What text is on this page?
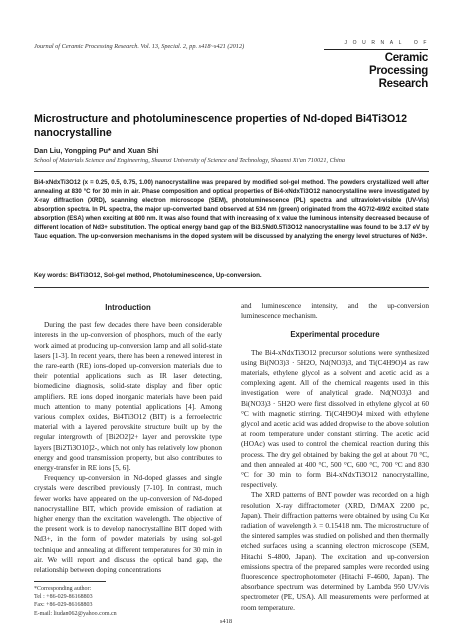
Journal of Ceramic Processing Research. Vol. 13, Special. 2, pp. s418~s421 (2012)	JOURNAL OF
Ceramic
Processing Research
Microstructure and photoluminescence properties of Nd-doped Bi4Ti3O12 nanocrystalline
Dan Liu, Yongping Pu* and Xuan Shi
School of Materials Science and Engineering, Shaanxi University of Science and Technology, Shaanxi Xi'an 710021, China
Bi4-xNdxTi3O12 (x = 0.25, 0.5, 0.75, 1.00) nanocrystalline was prepared by modified sol-gel method. The powders crystallized well after annealing at 830 °C for 30 min in air. Phase composition and optical properties of Bi4-xNdxTi3O12 nanocrystalline were investigated by X-ray diffraction (XRD), scanning electron microscope (SEM), photoluminescence (PL) spectra and ultraviolet-visible (UV-Vis) absorption spectra. In PL spectra, the major up-converted band observed at 534 nm (green) originated from the 4G7/2-4I9/2 excited state absorption (ESA) when exciting at 800 nm. It was also found that with increasing of x value the luminous intensity decreased because of different location of Nd3+ substitution. The optical energy band gap of the Bi3.5Nd0.5Ti3O12 nanocrystalline was found to be 3.17 eV by Tauc equation. The up-conversion mechanisms in the doped system will be discussed by analyzing the energy level structures of Nd3+.
Key words: Bi4Ti3O12, Sol-gel method, Photoluminescence, Up-conversion.
Introduction

During the past few decades there have been considerable interests in the up-conversion of phosphors, much of the early work aimed at producing up-conversion lamp and all solid-state lasers [1-3]. In recent years, there has been a renewed interest in the rare-earth (RE) ions-doped up-conversion materials due to their potential applications such as IR laser detecting, biomedicine diagnosis, solid-state display and fiber optic amplifiers. RE ions doped inorganic materials have been paid much attention to many potential applications [4]. Among various complex oxides, Bi4Ti3O12 (BIT) is a ferroelectric material with a layered perovskite structure built up by the regular intergrowth of [Bi2O2]2+ layer and perovskite type layers [Bi2Ti3O10]2-, which not only has relatively low phonon energy and good transmission property, but also contributes to energy-transfer in RE ions [5, 6].

Frequency up-conversion in Nd-doped glasses and single crystals were described previously [7-10]. In contrast, much fewer works have appeared on the up-conversion of Nd-doped nanocrystalline BIT, which provide emission of radiation at higher energy than the excitation wavelength. The objective of the present work is to develop nanocrystalline BIT doped with Nd3+, in the form of powder materials by using sol-gel technique and annealing at different temperatures for 30 min in air. We will report and discuss the optical band gap, the relationship between doping concentrations

and luminescence intensity, and the up-conversion luminescence mechanism.

Experimental procedure

The Bi4-xNdxTi3O12 precursor solutions were synthesized using Bi(NO3)3 · 5H2O, Nd(NO3)3, and Ti(C4H9O)4 as raw materials, ethylene glycol as a solvent and acetic acid as a complexing agent. All of the chemical reagents used in this investigation were of analytical grade. Nd(NO3)3 and Bi(NO3)3 · 5H2O were first dissolved in ethylene glycol at 60 °C with magnetic stirring. Ti(C4H9O)4 mixed with ethylene glycol and acetic acid was added dropwise to the above solution at room temperature under constant stirring. The acetic acid (HOAc) was used to control the chemical reaction during this process. The dry gel obtained by baking the gel at about 70 °C, and then annealed at 400 °C, 500 °C, 600 °C, 700 °C and 830 °C for 30 min to form Bi4-xNdxTi3O12 nanocrystalline, respectively.

The XRD patterns of BNT powder was recorded on a high resolution X-ray diffractometer (XRD, D/MAX 2200 pc, Japan). Their diffraction patterns were obtained by using Cu Kα radiation of wavelength λ = 0.15418 nm. The microstructure of the sintered samples was studied on polished and then thermally etched surfaces using a scanning electron microscope (SEM, Hitachi S-4800, Japan). The excitation and up-conversion emissions spectra of the prepared samples were recorded using fluorescence spectrophotometer (Hitachi F-4600, Japan). The absorbance spectrum was determined by Lambda 950 UV/vis spectrometer (PE, USA). All measurements were performed at room temperature.

*Corresponding author:
Tel : +86-029-86168803
Fax: +86-029-86168803
E-mail: liudan062@yahoo.com.cn
s418
